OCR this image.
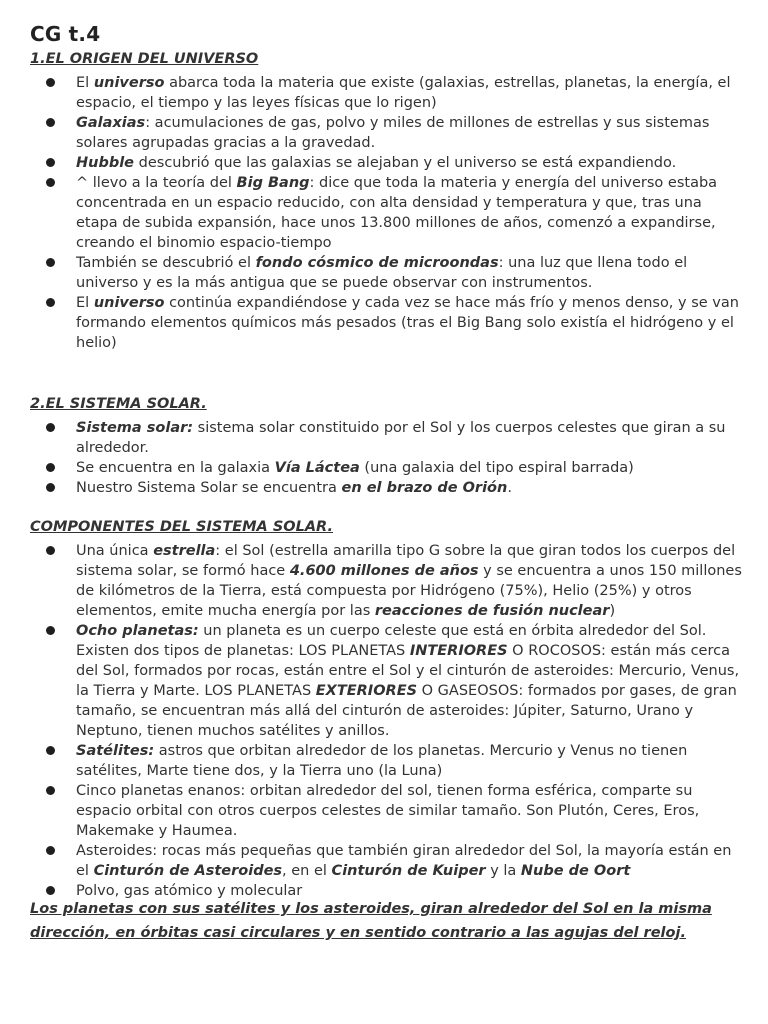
CG t.4
1.EL ORIGEN DEL UNIVERSO
El universo abarca toda la materia que existe (galaxias, estrellas, planetas, la energía, el espacio, el tiempo y las leyes físicas que lo rigen)
Galaxias: acumulaciones de gas, polvo y miles de millones de estrellas y sus sistemas solares agrupadas gracias a la gravedad.
Hubble descubrió que las galaxias se alejaban y el universo se está expandiendo.
^ llevo a la teoría del Big Bang: dice que toda la materia y energía del universo estaba concentrada en un espacio reducido, con alta densidad y temperatura y que, tras una etapa de subida expansión, hace unos 13.800 millones de años, comenzó a expandirse, creando el binomio espacio-tiempo
También se descubrió el fondo cósmico de microondas: una luz que llena todo el universo y es la más antigua que se puede observar con instrumentos.
El universo continúa expandiéndose y cada vez se hace más frío y menos denso, y se van formando elementos químicos más pesados (tras el Big Bang solo existía el hidrógeno y el helio)
2.EL SISTEMA SOLAR.
Sistema solar: sistema solar constituido por el Sol y los cuerpos celestes que giran a su alrededor.
Se encuentra en la galaxia Vía Láctea (una galaxia del tipo espiral barrada)
Nuestro Sistema Solar se encuentra en el brazo de Orión.
COMPONENTES DEL SISTEMA SOLAR.
Una única estrella: el Sol (estrella amarilla tipo G sobre la que giran todos los cuerpos del sistema solar, se formó hace 4.600 millones de años y se encuentra a unos 150 millones de kilómetros de la Tierra, está compuesta por Hidrógeno (75%), Helio (25%) y otros elementos, emite mucha energía por las reacciones de fusión nuclear)
Ocho planetas: un planeta es un cuerpo celeste que está en órbita alrededor del Sol. Existen dos tipos de planetas: LOS PLANETAS INTERIORES O ROCOSOS: están más cerca del Sol, formados por rocas, están entre el Sol y el cinturón de asteroides: Mercurio, Venus, la Tierra y Marte. LOS PLANETAS EXTERIORES O GASEOSOS: formados por gases, de gran tamaño, se encuentran más allá del cinturón de asteroides: Júpiter, Saturno, Urano y Neptuno, tienen muchos satélites y anillos.
Satélites: astros que orbitan alrededor de los planetas. Mercurio y Venus no tienen satélites, Marte tiene dos, y la Tierra uno (la Luna)
Cinco planetas enanos: orbitan alrededor del sol, tienen forma esférica, comparte su espacio orbital con otros cuerpos celestes de similar tamaño. Son Plutón, Ceres, Eros, Makemake y Haumea.
Asteroides: rocas más pequeñas que también giran alrededor del Sol, la mayoría están en el Cinturón de Asteroides, en el Cinturón de Kuiper y la Nube de Oort
Polvo, gas atómico y molecular

Los planetas con sus satélites y los asteroides, giran alrededor del Sol en la misma dirección, en órbitas casi circulares y en sentido contrario a las agujas del reloj.
